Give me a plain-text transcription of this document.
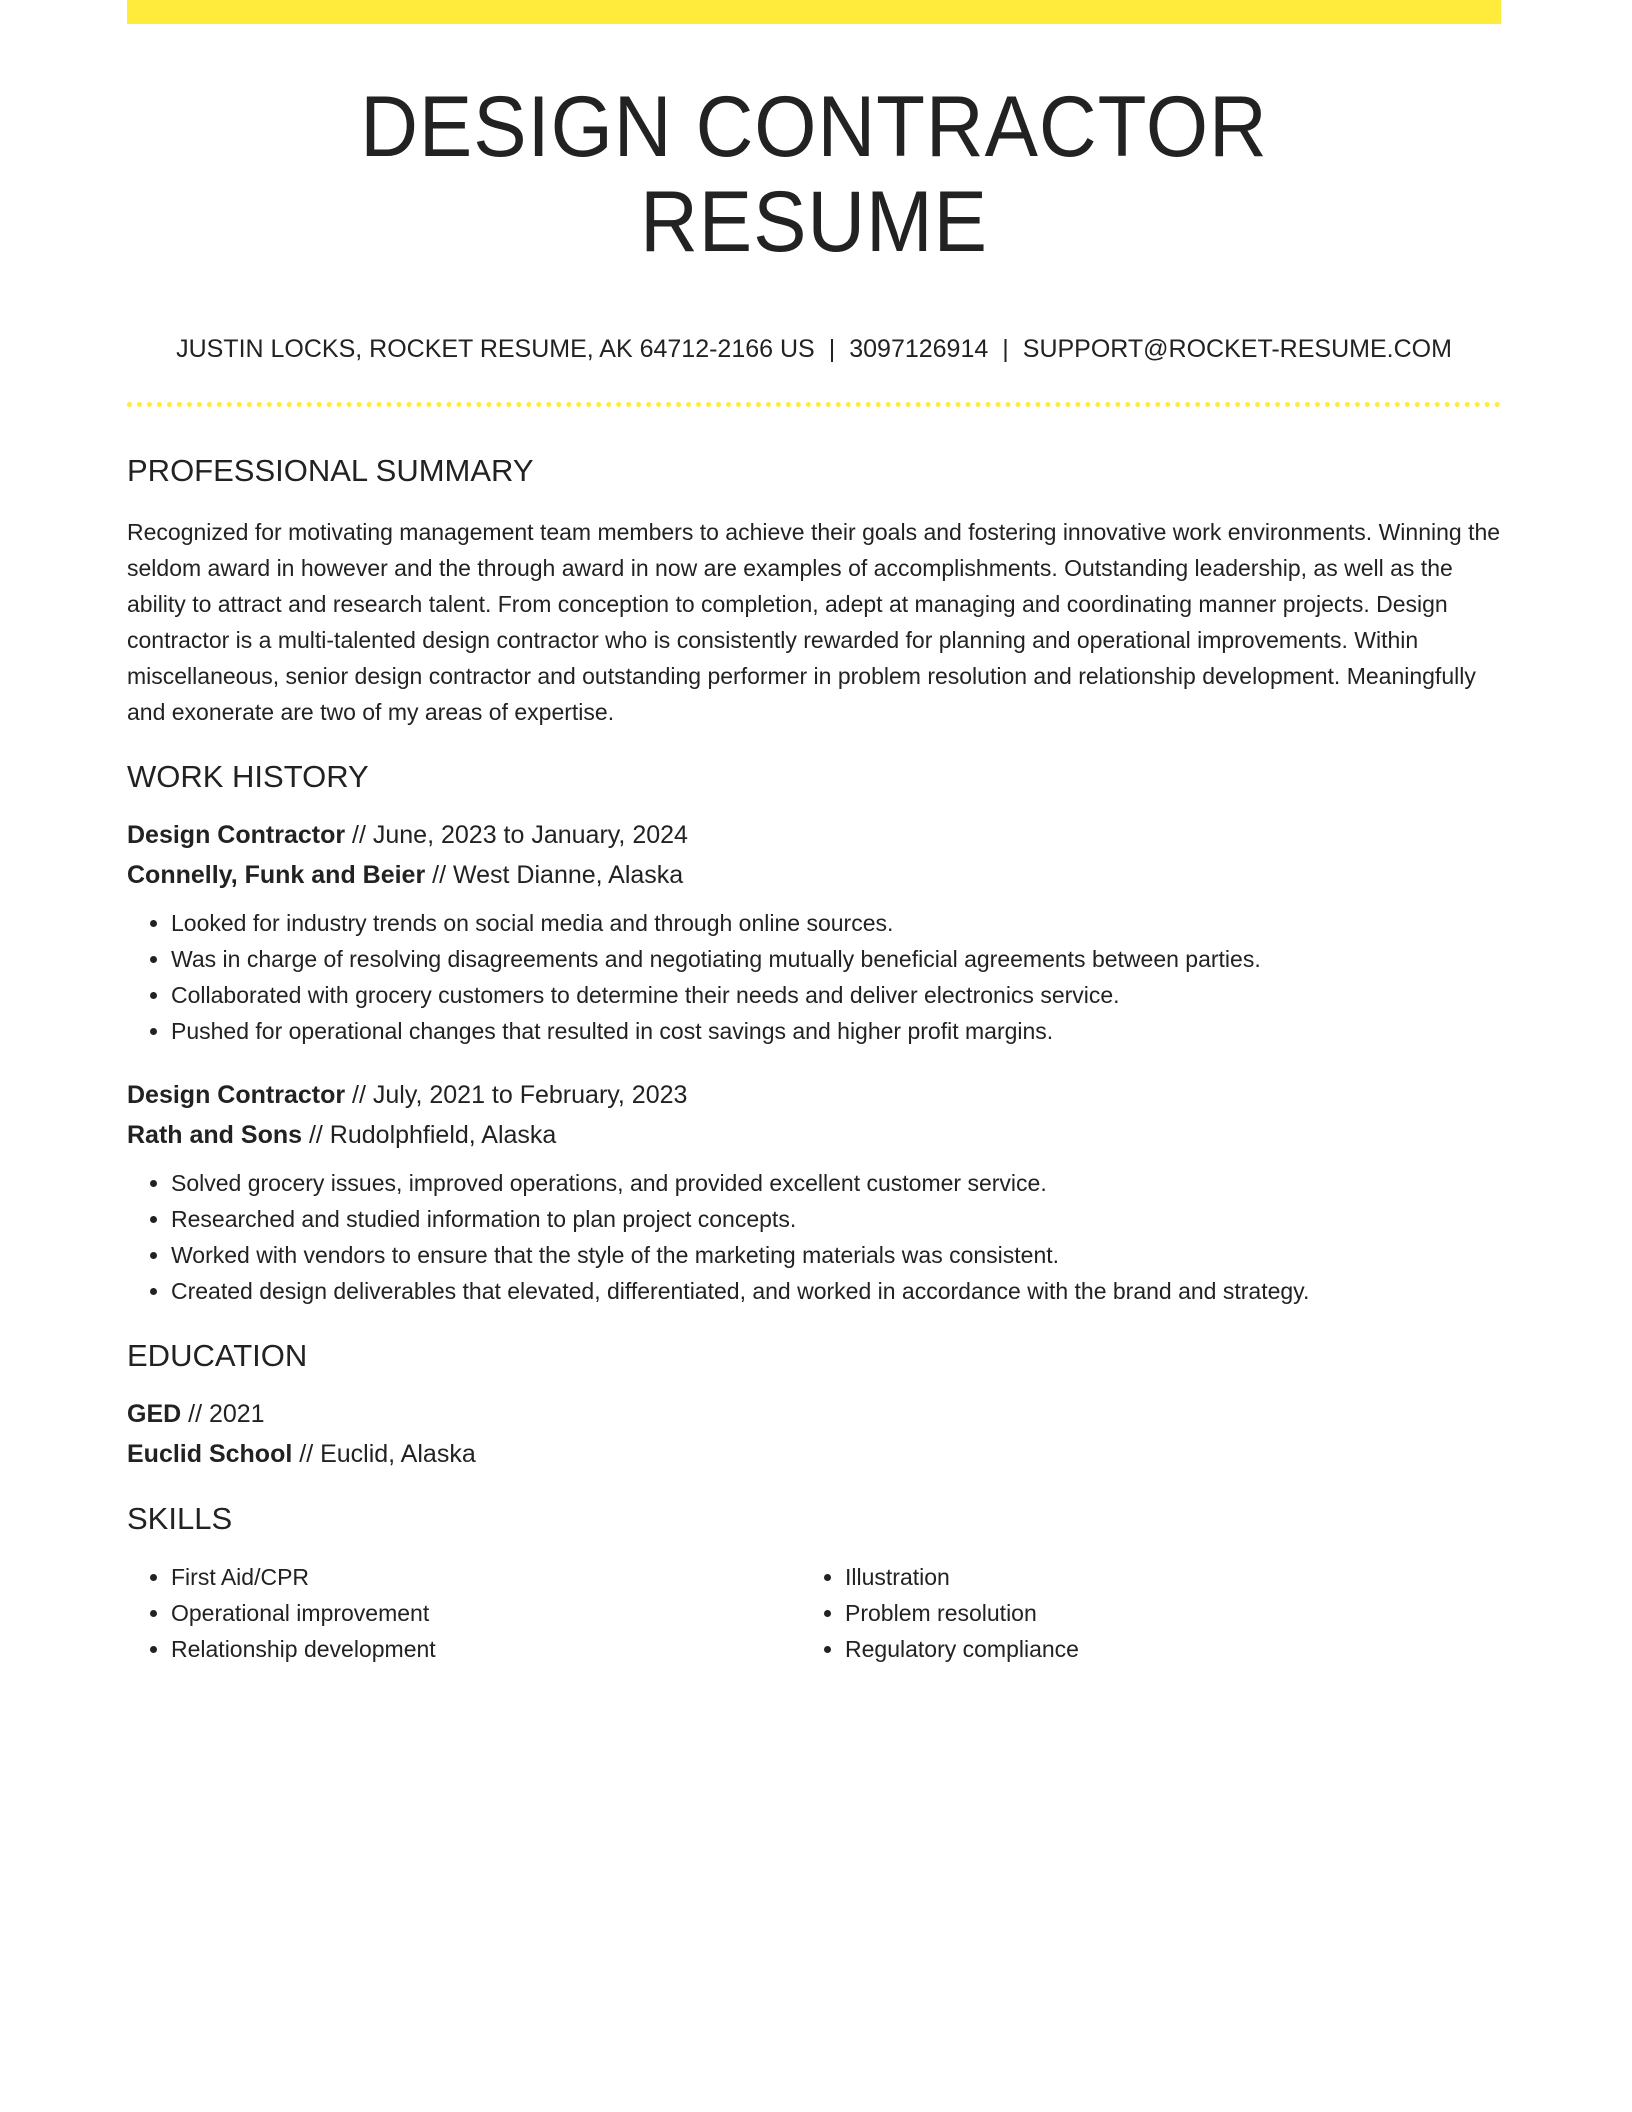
DESIGN CONTRACTOR RESUME
JUSTIN LOCKS, ROCKET RESUME, AK 64712-2166 US | 3097126914 | SUPPORT@ROCKET-RESUME.COM
PROFESSIONAL SUMMARY
Recognized for motivating management team members to achieve their goals and fostering innovative work environments. Winning the seldom award in however and the through award in now are examples of accomplishments. Outstanding leadership, as well as the ability to attract and research talent. From conception to completion, adept at managing and coordinating manner projects. Design contractor is a multi-talented design contractor who is consistently rewarded for planning and operational improvements. Within miscellaneous, senior design contractor and outstanding performer in problem resolution and relationship development. Meaningfully and exonerate are two of my areas of expertise.
WORK HISTORY
Design Contractor // June, 2023 to January, 2024
Connelly, Funk and Beier // West Dianne, Alaska
• Looked for industry trends on social media and through online sources.
• Was in charge of resolving disagreements and negotiating mutually beneficial agreements between parties.
• Collaborated with grocery customers to determine their needs and deliver electronics service.
• Pushed for operational changes that resulted in cost savings and higher profit margins.
Design Contractor // July, 2021 to February, 2023
Rath and Sons // Rudolphfield, Alaska
• Solved grocery issues, improved operations, and provided excellent customer service.
• Researched and studied information to plan project concepts.
• Worked with vendors to ensure that the style of the marketing materials was consistent.
• Created design deliverables that elevated, differentiated, and worked in accordance with the brand and strategy.
EDUCATION
GED // 2021
Euclid School // Euclid, Alaska
SKILLS
• First Aid/CPR
• Operational improvement
• Relationship development
• Illustration
• Problem resolution
• Regulatory compliance
